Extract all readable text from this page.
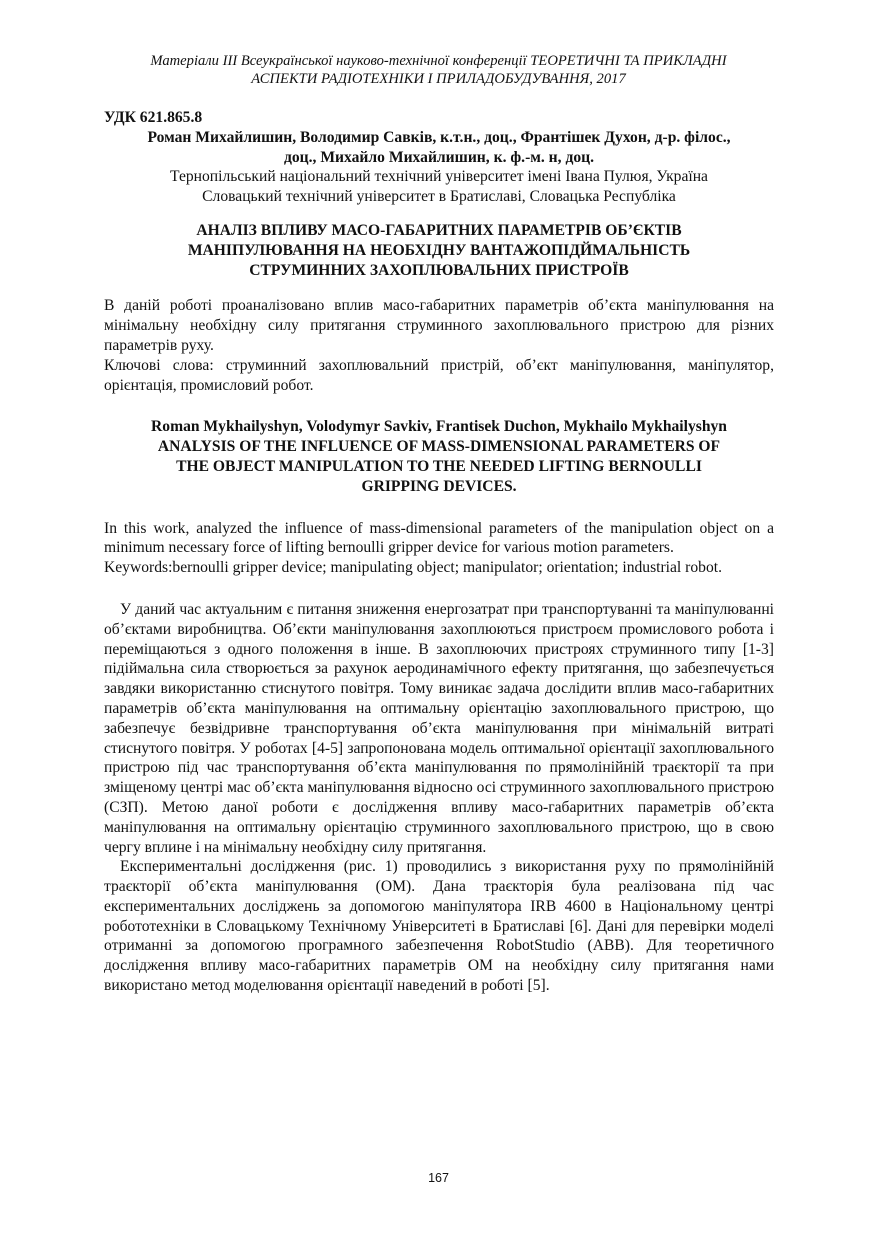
Матеріали ІІІ Всеукраїнської науково-технічної конференції ТЕОРЕТИЧНІ ТА ПРИКЛАДНІ
АСПЕКТИ РАДІОТЕХНІКИ І ПРИЛАДОБУДУВАННЯ, 2017

УДК 621.865.8

Роман Михайлишин, Володимир Савків, к.т.н., доц., Франтішек Духон, д-р. філос.,
доц., Михайло Михайлишин, к. ф.-м. н, доц.

Тернопільський національний технічний університет імені Івана Пулюя, Україна

Словацький технічний університет в Братиславі, Словацька Республіка

АНАЛІЗ ВПЛИВУ МАСО-ГАБАРИТНИХ ПАРАМЕТРІВ ОБ’ЄКТІВ
МАНІПУЛЮВАННЯ НА НЕОБХІДНУ ВАНТАЖОПІДЙМАЛЬНІСТЬ
СТРУМИННИХ ЗАХОПЛЮВАЛЬНИХ ПРИСТРОЇВ

В даній роботі проаналізовано вплив масо-габаритних параметрів об’єкта маніпулювання на мінімальну необхідну силу притягання струминного захоплювального пристрою для різних параметрів руху.

Ключові слова: струминний захоплювальний пристрій, об’єкт маніпулювання, маніпулятор, орієнтація, промисловий робот.

Roman Mykhailyshyn, Volodymyr Savkiv, Frantisek Duchon, Mykhailo Mykhailyshyn

ANALYSIS OF THE INFLUENCE OF MASS-DIMENSIONAL PARAMETERS OF
THE OBJECT MANIPULATION TO THE NEEDED LIFTING BERNOULLI
GRIPPING DEVICES.

In this work, analyzed the influence of mass-dimensional parameters of the manipulation object on a minimum necessary force of lifting bernoulli gripper device for various motion parameters.

Keywords:bernoulli gripper device; manipulating object; manipulator; orientation; industrial robot.

У даний час актуальним є питання зниження енергозатрат при транспортуванні та маніпулюванні об’єктами виробництва. Об’єкти маніпулювання захоплюються пристроєм промислового робота і переміщаються з одного положення в інше. В захоплюючих пристроях струминного типу [1-3] підіймальна сила створюється за рахунок аеродинамічного ефекту притягання, що забезпечується завдяки використанню стиснутого повітря. Тому виникає задача дослідити вплив масо-габаритних параметрів об’єкта маніпулювання на оптимальну орієнтацію захоплювального пристрою, що забезпечує безвідривне транспортування об’єкта маніпулювання при мінімальній витраті стиснутого повітря. У роботах [4-5] запропонована модель оптимальної орієнтації захоплювального пристрою під час транспортування об’єкта маніпулювання по прямолінійній траєкторії та при зміщеному центрі мас об’єкта маніпулювання відносно осі струминного захоплювального пристрою (СЗП). Метою даної роботи є дослідження впливу масо-габаритних параметрів об’єкта маніпулювання на оптимальну орієнтацію струминного захоплювального пристрою, що в свою чергу вплине і на мінімальну необхідну силу притягання.

Експериментальні дослідження (рис. 1) проводились з використання руху по прямолінійній траєкторії об’єкта маніпулювання (ОМ). Дана траєкторія була реалізована під час експериментальних досліджень за допомогою маніпулятора IRB 4600 в Національному центрі робототехніки в Словацькому Технічному Університеті в Братиславі [6]. Дані для перевірки моделі отриманні за допомогою програмного забезпечення RobotStudio (ABB). Для теоретичного дослідження впливу масо-габаритних параметрів ОМ на необхідну силу притягання нами використано метод моделювання орієнтації наведений в роботі [5].

167
